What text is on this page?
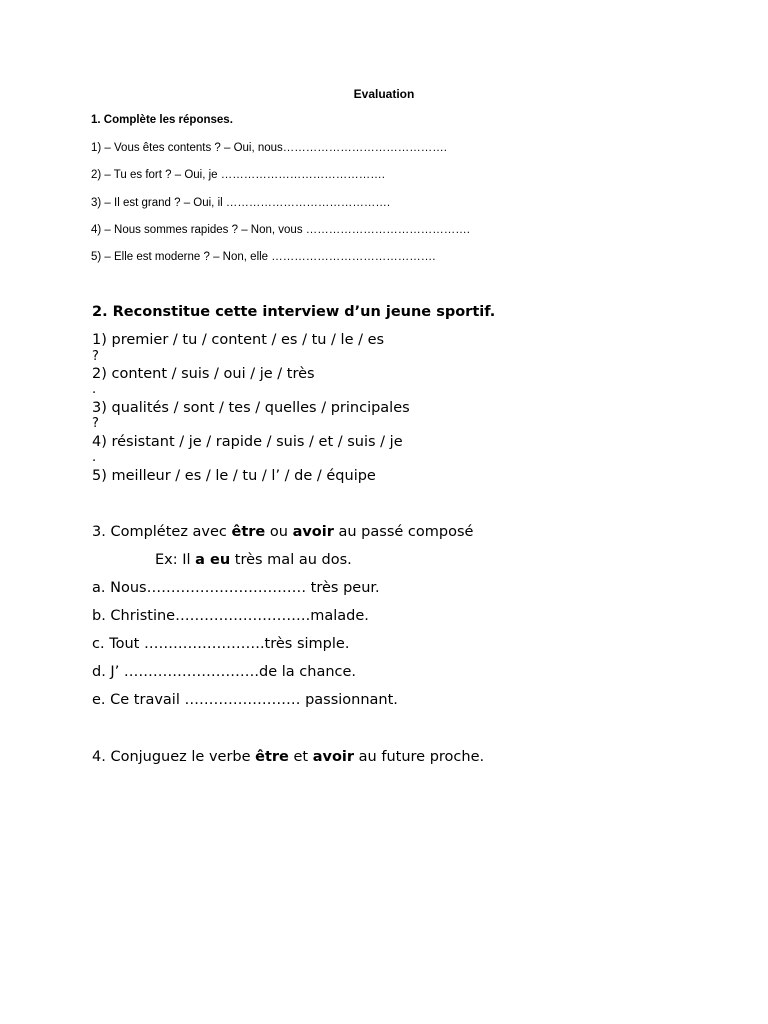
Evaluation
1. Complète les réponses.
1) – Vous êtes contents ? – Oui, nous…………………………………….
2) – Tu es fort ? – Oui, je …………………………………….
3) – Il est grand ? – Oui, il …………………………………….
4) – Nous sommes rapides ? – Non, vous …………………………………….
5) – Elle est moderne ? – Non, elle …………………………………….
2. Reconstitue cette interview d’un jeune sportif.
1) premier / tu / content / es / tu / le / es
?
2) content / suis / oui / je / très
.
3) qualités / sont / tes / quelles / principales
?
4) résistant / je / rapide / suis / et / suis / je
.
5) meilleur / es / le / tu / l’ / de / équipe
3. Complétez avec être ou avoir au passé composé
Ex: Il a eu très mal au dos.
a. Nous…………………………… très peur.
b. Christine……………………….malade.
c. Tout …………………….très simple.
d. J’ ……………………….de la chance.
e. Ce travail …………………… passionnant.
4. Conjuguez le verbe être et avoir au future proche.
